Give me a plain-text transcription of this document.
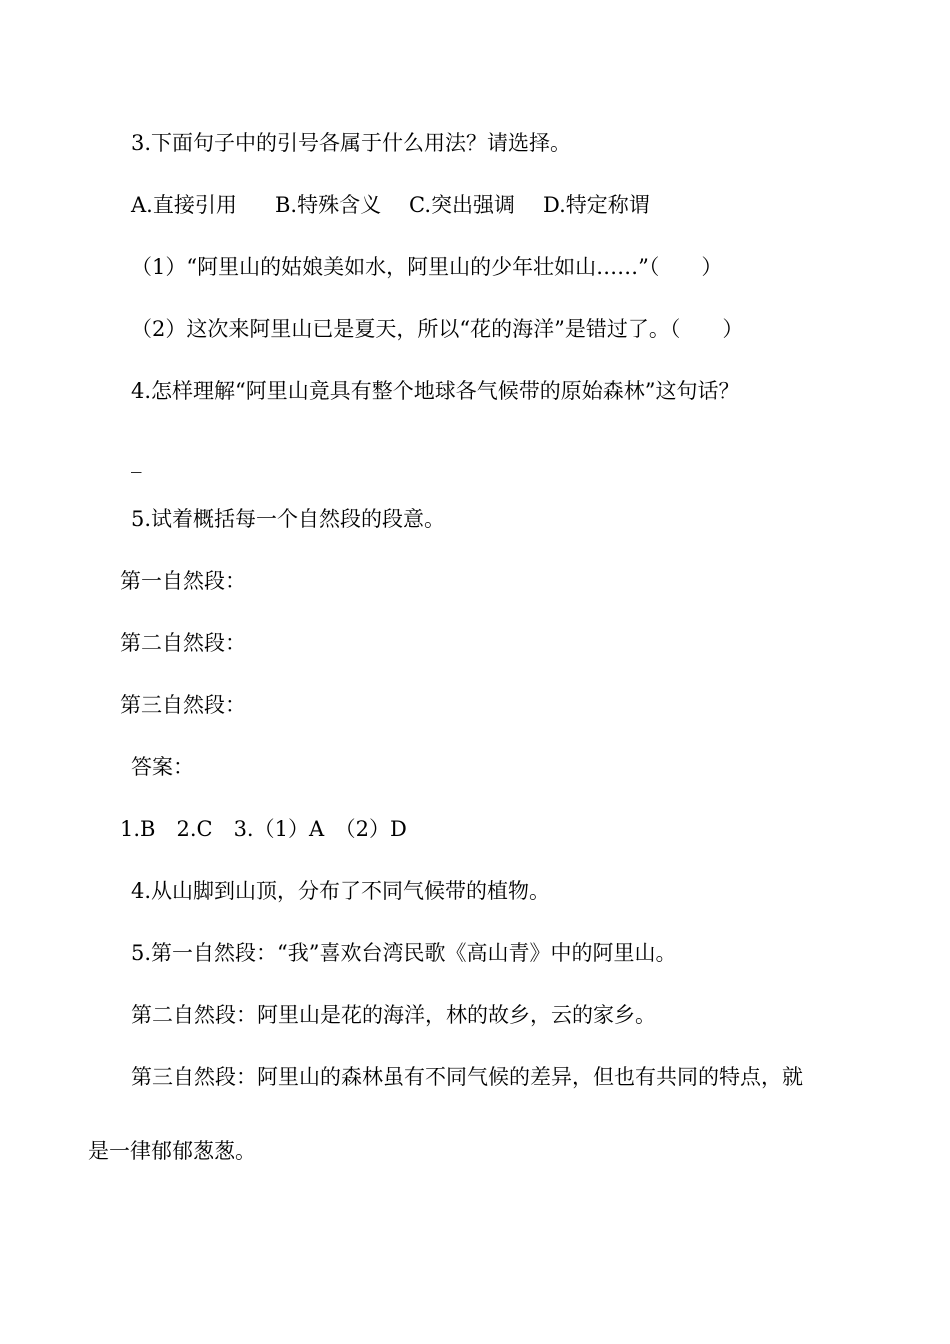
3.下面句子中的引号各属于什么用法？请选择。
A.直接引用 B.特殊含义 C.突出强调 D.特定称谓
（1）“阿里山的姑娘美如水，阿里山的少年壮如山……”（　　）
（2）这次来阿里山已是夏天，所以“花的海洋”是错过了。（　　）
4.怎样理解“阿里山竟具有整个地球各气候带的原始森林”这句话？
_
5.试着概括每一个自然段的段意。
第一自然段：
第二自然段：
第三自然段：
答案：
1.B　2.C　3.（1）A　（2）D
4.从山脚到山顶，分布了不同气候带的植物。
5.第一自然段：“我”喜欢台湾民歌《高山青》中的阿里山。
第二自然段：阿里山是花的海洋，林的故乡，云的家乡。
第三自然段：阿里山的森林虽有不同气候的差异，但也有共同的特点，就
是一律郁郁葱葱。
